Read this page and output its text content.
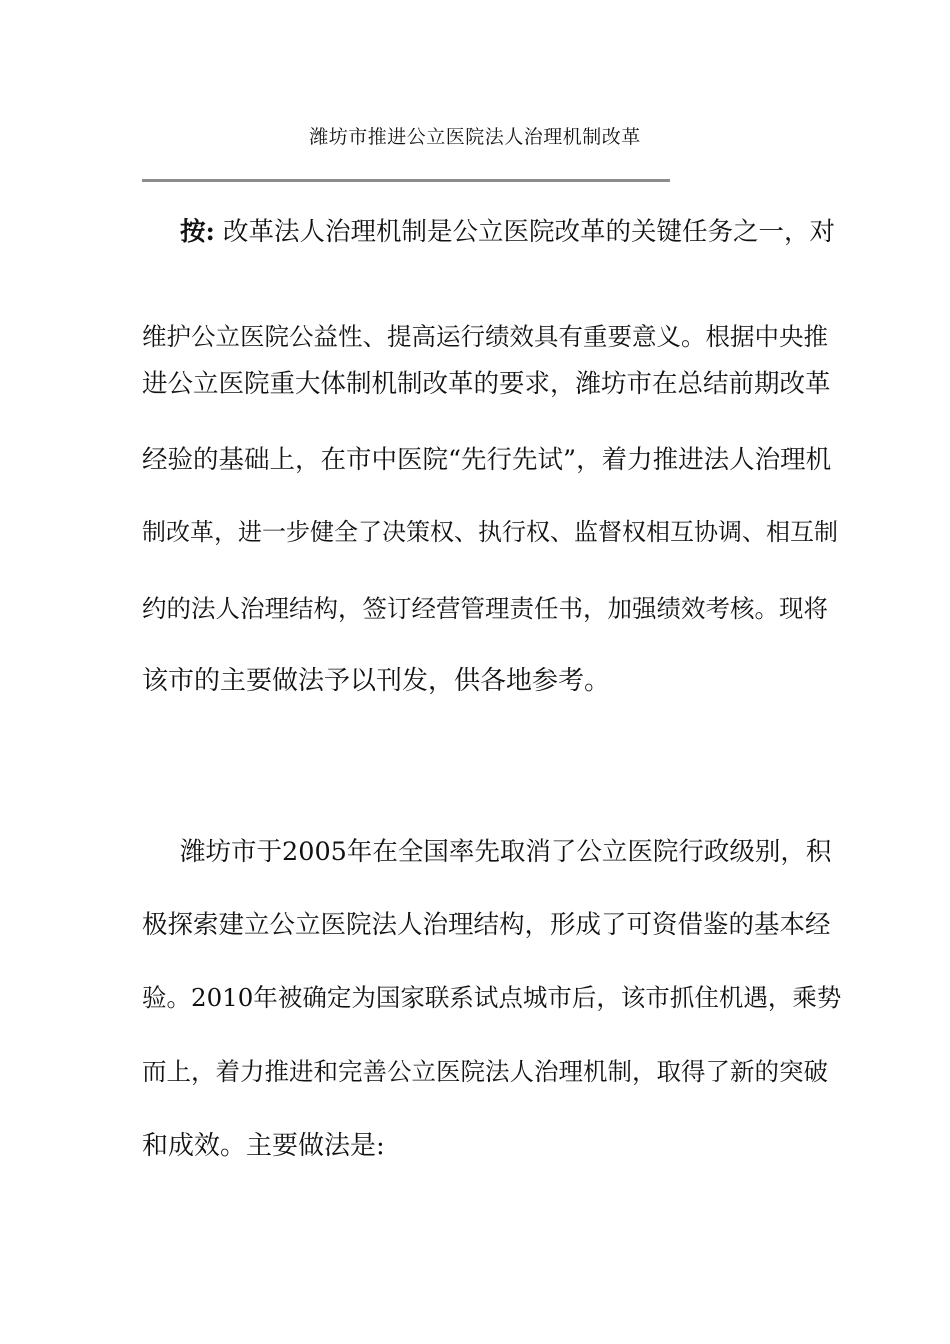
潍坊市推进公立医院法人治理机制改革
按: 改革法人治理机制是公立医院改革的关键任务之一，对
维护公立医院公益性、提高运行绩效具有重要意义。根据中央推
进公立医院重大体制机制改革的要求，潍坊市在总结前期改革
经验的基础上，在市中医院“先行先试”，着力推进法人治理机
制改革，进一步健全了决策权、执行权、监督权相互协调、相互制
约的法人治理结构，签订经营管理责任书，加强绩效考核。现将
该市的主要做法予以刊发，供各地参考。
潍坊市于2005年在全国率先取消了公立医院行政级别，积
极探索建立公立医院法人治理结构，形成了可资借鉴的基本经
验。2010年被确定为国家联系试点城市后，该市抓住机遇，乘势
而上，着力推进和完善公立医院法人治理机制，取得了新的突破
和成效。主要做法是:
